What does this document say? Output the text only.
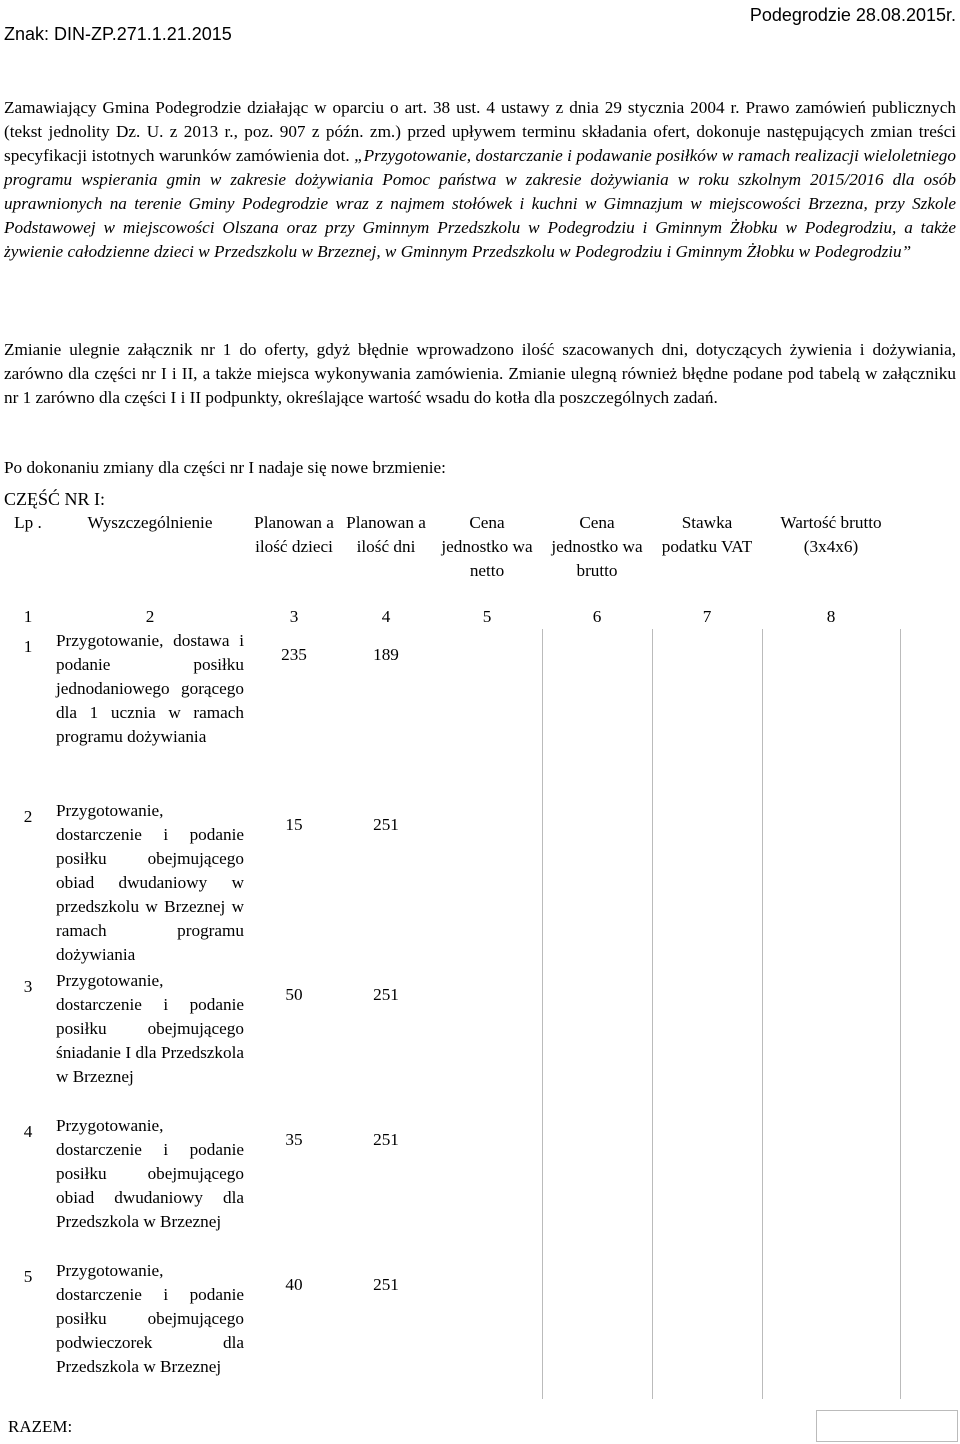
Znak: DIN-ZP.271.1.21.2015
Podegrodzie 28.08.2015r.
Zamawiający Gmina Podegrodzie działając w oparciu o art. 38 ust. 4 ustawy z dnia 29 stycznia 2004 r. Prawo zamówień publicznych (tekst jednolity Dz. U. z 2013 r., poz. 907 z późn. zm.) przed upływem terminu składania ofert, dokonuje następujących zmian treści specyfikacji istotnych warunków zamówienia dot. „Przygotowanie, dostarczanie i podawanie posiłków w ramach realizacji wieloletniego programu wspierania gmin w zakresie dożywiania Pomoc państwa w zakresie dożywiania w roku szkolnym 2015/2016 dla osób uprawnionych na terenie Gminy Podegrodzie wraz z najmem stołówek i kuchni w Gimnazjum w miejscowości Brzezna, przy Szkole Podstawowej w miejscowości Olszana oraz przy Gminnym Przedszkolu w Podegrodziu i Gminnym Żłobku w Podegrodziu, a także żywienie całodzienne dzieci w Przedszkolu w Brzeznej, w Gminnym Przedszkolu w Podegrodziu i Gminnym Żłobku w Podegrodziu”
Zmianie ulegnie załącznik nr 1 do oferty, gdyż błędnie wprowadzono ilość szacowanych dni, dotyczących żywienia i dożywiania, zarówno dla części nr I i II, a także miejsca wykonywania zamówienia. Zmianie ulegną również błędne podane pod tabelą w załączniku nr 1 zarówno dla części I i II podpunkty, określające wartość wsadu do kotła dla poszczególnych zadań.
Po dokonaniu zmiany dla części nr I nadaje się nowe brzmienie:
CZĘŚĆ NR I:
Lp .	Wyszczególnienie	Planowan a ilość dzieci	Planowan a ilość dni	Cena jednostko wa netto	Cena jednostko wa brutto	Stawka podatku VAT	Wartość brutto (3x4x6)
1	2	3	4	5	6	7	8
1	Przygotowanie, dostawa i podanie posiłku jednodaniowego gorącego dla 1 ucznia w ramach programu dożywiania	235	189				
2	Przygotowanie, dostarczenie i podanie posiłku obejmującego obiad dwudaniowy w przedszkolu w Brzeznej w ramach programu dożywiania	15	251				
3	Przygotowanie, dostarczenie i podanie posiłku obejmującego śniadanie I dla Przedszkola w Brzeznej	50	251				
4	Przygotowanie, dostarczenie i podanie posiłku obejmującego obiad dwudaniowy dla Przedszkola w Brzeznej	35	251				
5	Przygotowanie, dostarczenie i podanie posiłku obejmującego podwieczorek dla Przedszkola w Brzeznej	40	251				
RAZEM:
